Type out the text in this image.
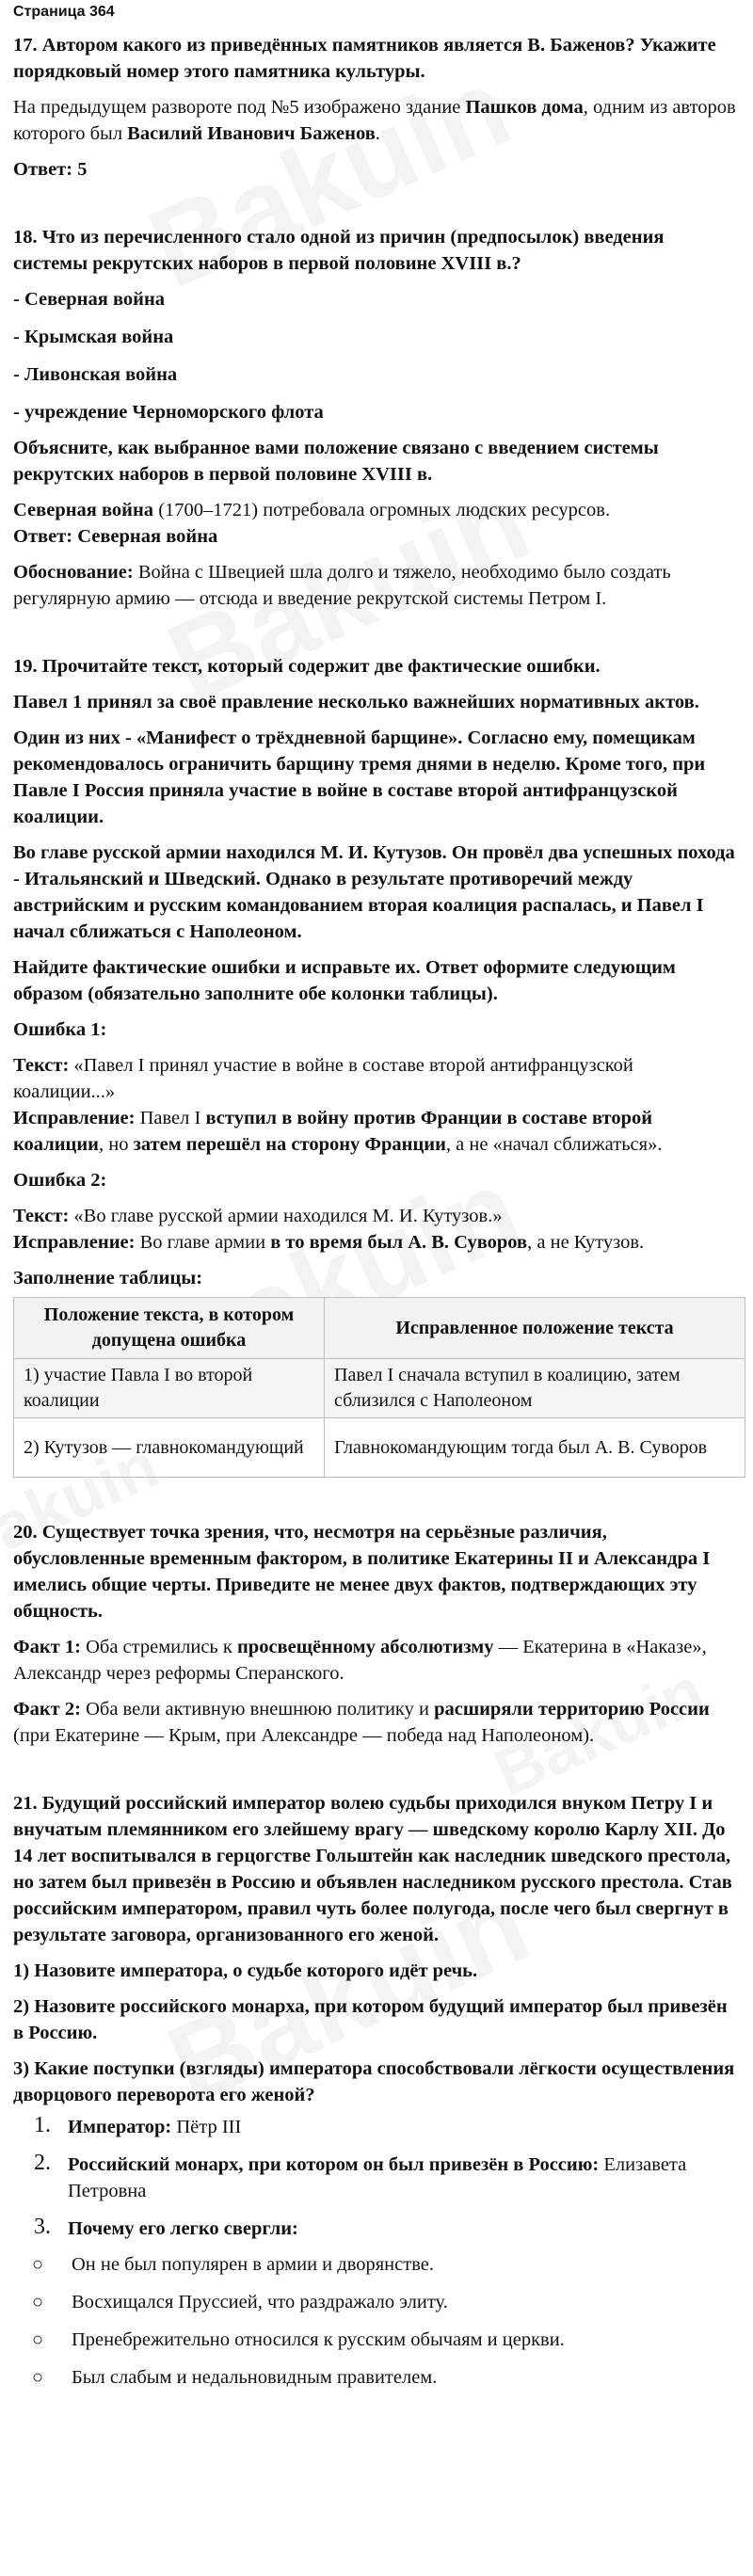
Страница 364

17. Автором какого из приведённых памятников является В. Баженов? Укажите порядковый номер этого памятника культуры.

На предыдущем развороте под №5 изображено здание Пашков дома, одним из авторов которого был Василий Иванович Баженов.

Ответ: 5

18. Что из перечисленного стало одной из причин (предпосылок) введения системы рекрутских наборов в первой половине XVIII в.?

- Северная война

- Крымская война

- Ливонская война

- учреждение Черноморского флота

Объясните, как выбранное вами положение связано с введением системы рекрутских наборов в первой половине XVIII в.

Северная война (1700–1721) потребовала огромных людских ресурсов.

Ответ: Северная война

Обоснование: Война с Швецией шла долго и тяжело, необходимо было создать регулярную армию — отсюда и введение рекрутской системы Петром I.

19. Прочитайте текст, который содержит две фактические ошибки.

Павел 1 принял за своё правление несколько важнейших нормативных актов.

Один из них - «Манифест о трёхдневной барщине». Согласно ему, помещикам рекомендовалось ограничить барщину тремя днями в неделю. Кроме того, при Павле I Россия приняла участие в войне в составе второй антифранцузской коалиции.

Во главе русской армии находился М. И. Кутузов. Он провёл два успешных похода - Итальянский и Шведский. Однако в результате противоречий между австрийским и русским командованием вторая коалиция распалась, и Павел I начал сближаться с Наполеоном.

Найдите фактические ошибки и исправьте их. Ответ оформите следующим образом (обязательно заполните обе колонки таблицы).

Ошибка 1:

Текст: «Павел I принял участие в войне в составе второй антифранцузской коалиции...»

Исправление: Павел I вступил в войну против Франции в составе второй коалиции, но затем перешёл на сторону Франции, а не «начал сближаться».

Ошибка 2:

Текст: «Во главе русской армии находился М. И. Кутузов.»

Исправление: Во главе армии в то время был А. В. Суворов, а не Кутузов.

Заполнение таблицы:

Положение текста, в котором допущена ошибка	Исправленное положение текста
1) участие Павла I во второй коалиции	Павел I сначала вступил в коалицию, затем сблизился с Наполеоном
2) Кутузов — главнокомандующий	Главнокомандующим тогда был А. В. Суворов

20. Существует точка зрения, что, несмотря на серьёзные различия, обусловленные временным фактором, в политике Екатерины II и Александра I имелись общие черты. Приведите не менее двух фактов, подтверждающих эту общность.

Факт 1: Оба стремились к просвещённому абсолютизму — Екатерина в «Наказе», Александр через реформы Сперанского.

Факт 2: Оба вели активную внешнюю политику и расширяли территорию России (при Екатерине — Крым, при Александре — победа над Наполеоном).

21. Будущий российский император волею судьбы приходился внуком Петру I и внучатым племянником его злейшему врагу — шведскому королю Карлу XII. До 14 лет воспитывался в герцогстве Гольштейн как наследник шведского престола, но затем был привезён в Россию и объявлен наследником русского престола. Став российским императором, правил чуть более полугода, после чего был свергнут в результате заговора, организованного его женой.

1) Назовите императора, о судьбе которого идёт речь.

2) Назовите российского монарха, при котором будущий император был привезён в Россию.

3) Какие поступки (взгляды) императора способствовали лёгкости осуществления дворцового переворота его женой?

1. Император: Пётр III
2. Российский монарх, при котором он был привезён в Россию: Елизавета Петровна
3. Почему его легко свергли:
○ Он не был популярен в армии и дворянстве.
○ Восхищался Пруссией, что раздражало элиту.
○ Пренебрежительно относился к русским обычаям и церкви.
○ Был слабым и недальновидным правителем.
